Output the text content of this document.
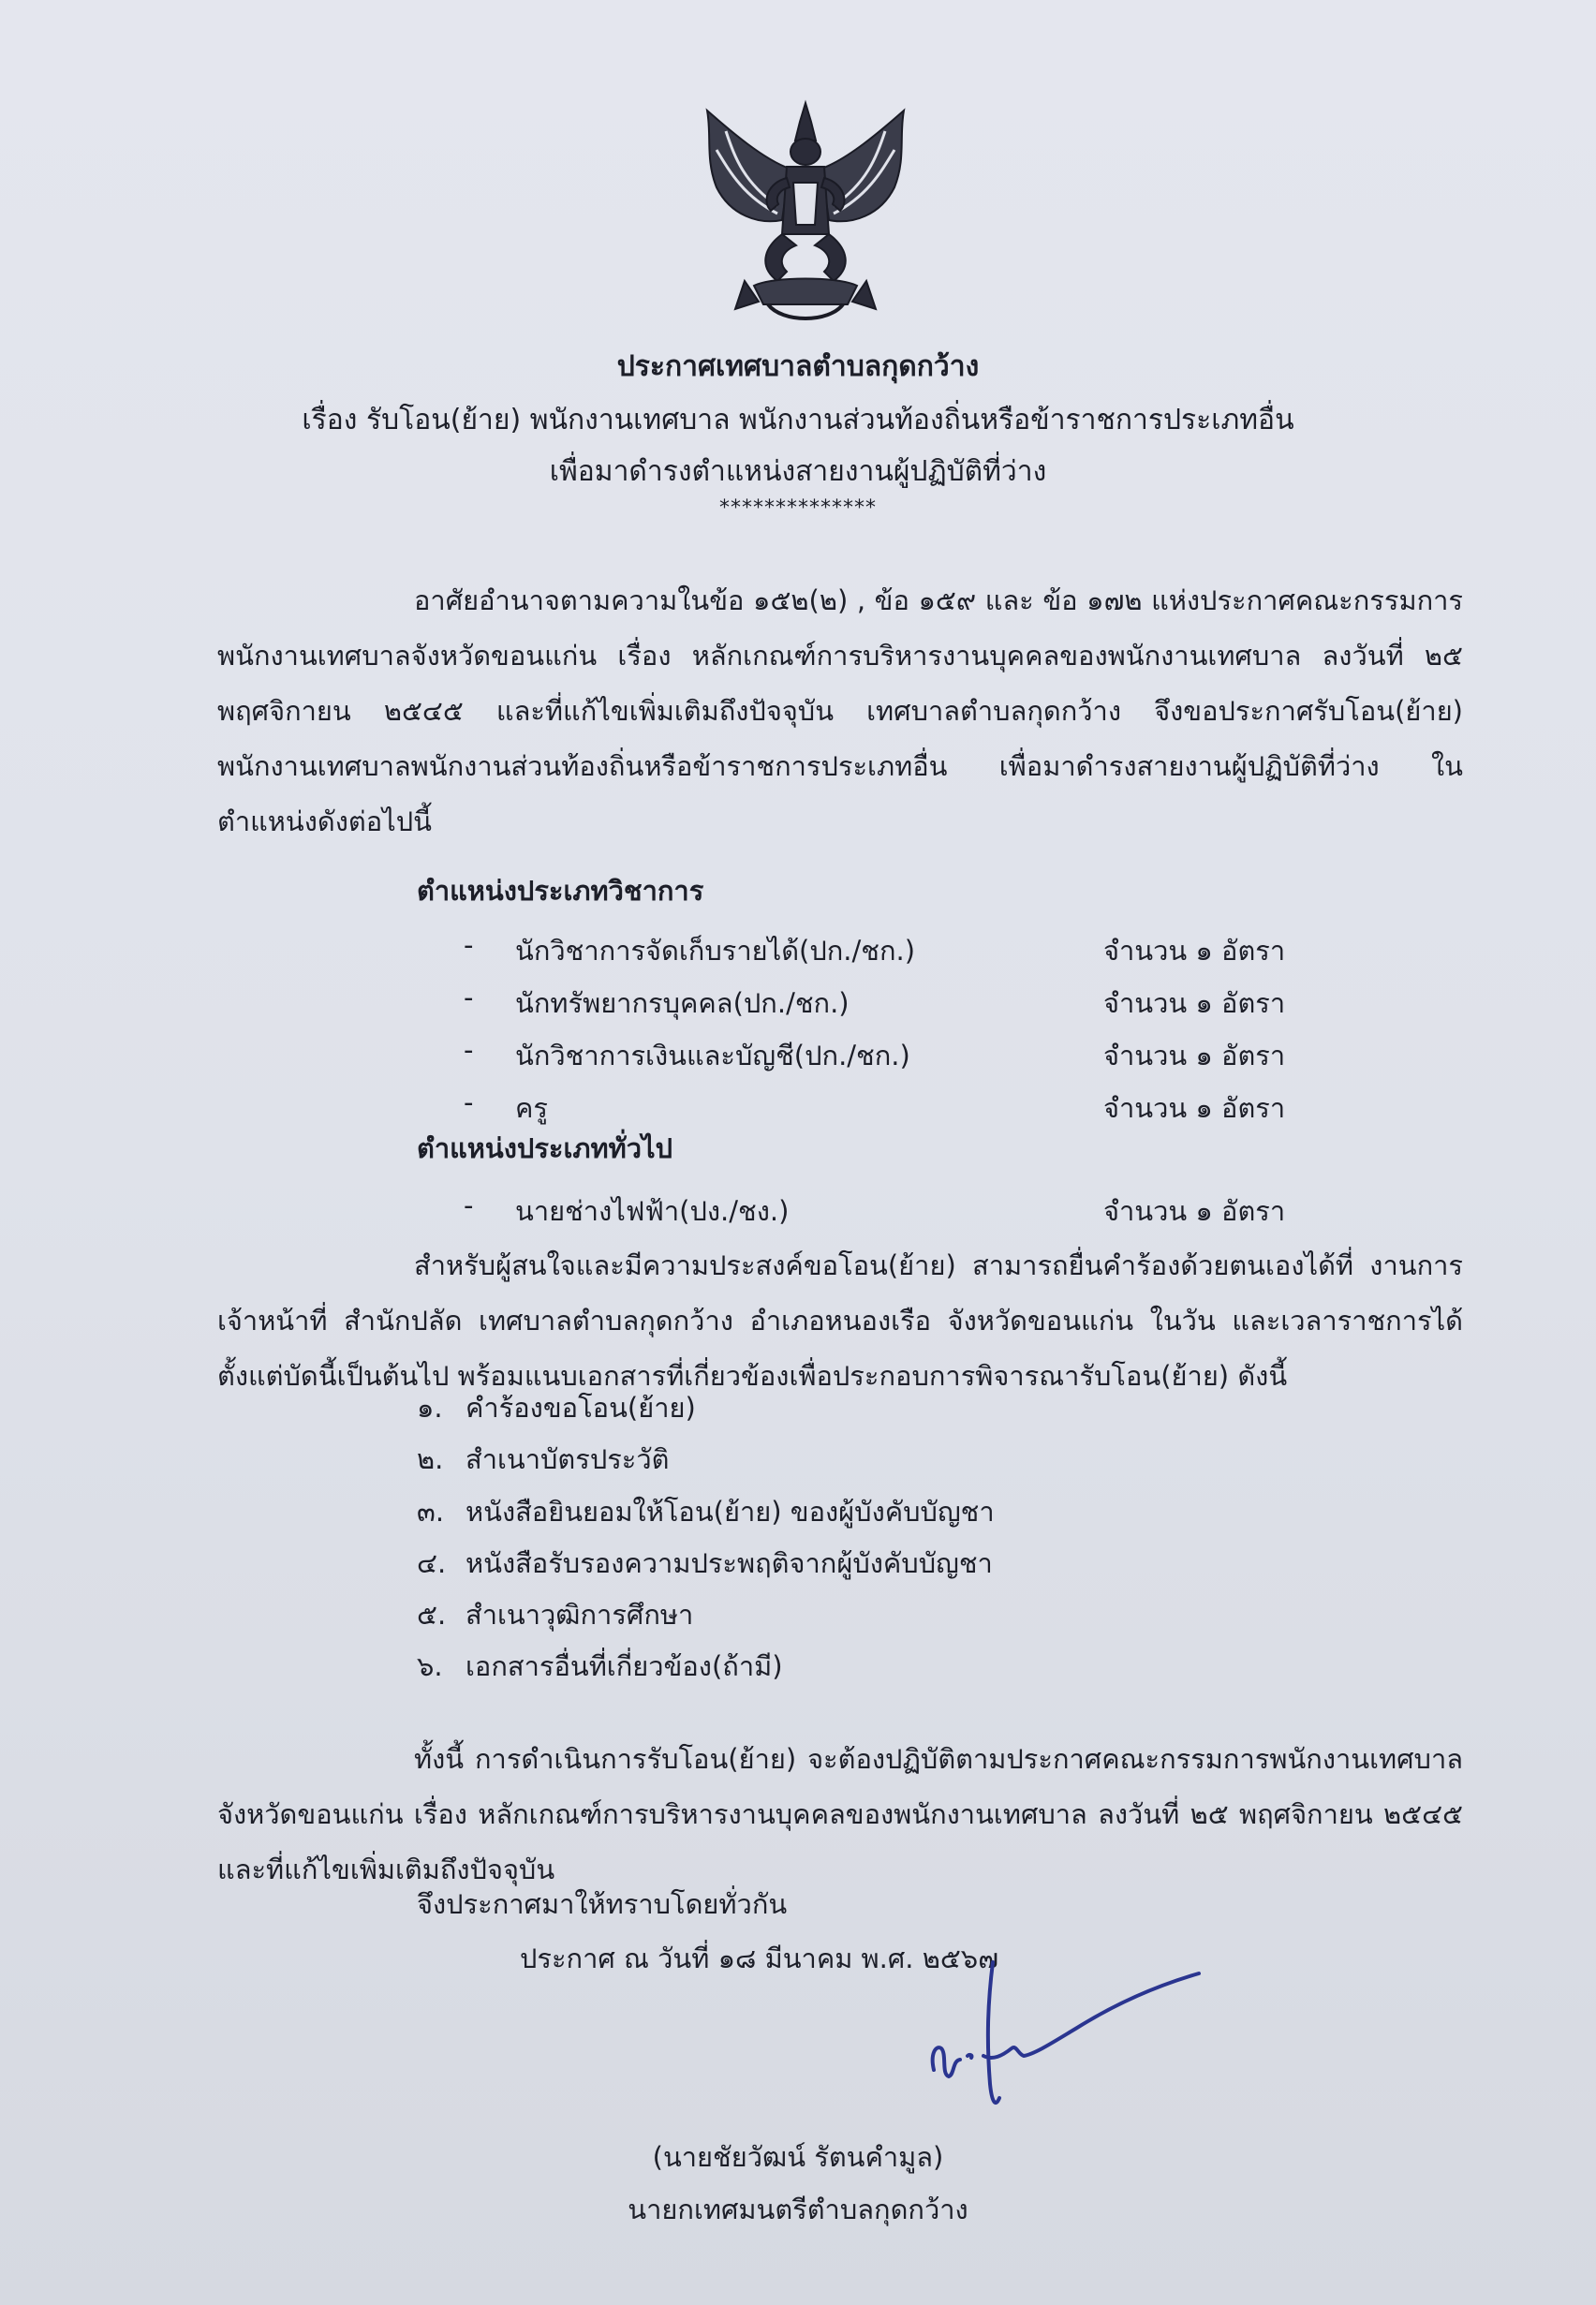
ประกาศเทศบาลตำบลกุดกว้าง
เรื่อง รับโอน(ย้าย) พนักงานเทศบาล พนักงานส่วนท้องถิ่นหรือข้าราชการประเภทอื่น
เพื่อมาดำรงตำแหน่งสายงานผู้ปฏิบัติที่ว่าง
**************
อาศัยอำนาจตามความในข้อ ๑๕๒(๒) , ข้อ ๑๕๙ และ ข้อ ๑๗๒ แห่งประกาศคณะกรรมการพนักงานเทศบาลจังหวัดขอนแก่น เรื่อง หลักเกณฑ์การบริหารงานบุคคลของพนักงานเทศบาล ลงวันที่ ๒๕ พฤศจิกายน ๒๕๔๕ และที่แก้ไขเพิ่มเติมถึงปัจจุบัน เทศบาลตำบลกุดกว้าง จึงขอประกาศรับโอน(ย้าย) พนักงานเทศบาลพนักงานส่วนท้องถิ่นหรือข้าราชการประเภทอื่น เพื่อมาดำรงสายงานผู้ปฏิบัติที่ว่าง ในตำแหน่งดังต่อไปนี้
ตำแหน่งประเภทวิชาการ
- นักวิชาการจัดเก็บรายได้(ปก./ชก.)	จำนวน ๑ อัตรา
- นักทรัพยากรบุคคล(ปก./ชก.)	จำนวน ๑ อัตรา
- นักวิชาการเงินและบัญชี(ปก./ชก.)	จำนวน ๑ อัตรา
- ครู	จำนวน ๑ อัตรา
ตำแหน่งประเภททั่วไป
- นายช่างไฟฟ้า(ปง./ชง.)	จำนวน ๑ อัตรา
สำหรับผู้สนใจและมีความประสงค์ขอโอน(ย้าย) สามารถยื่นคำร้องด้วยตนเองได้ที่ งานการเจ้าหน้าที่ สำนักปลัด เทศบาลตำบลกุดกว้าง อำเภอหนองเรือ จังหวัดขอนแก่น ในวัน และเวลาราชการได้ตั้งแต่บัดนี้เป็นต้นไป พร้อมแนบเอกสารที่เกี่ยวข้องเพื่อประกอบการพิจารณารับโอน(ย้าย) ดังนี้
๑. คำร้องขอโอน(ย้าย)
๒. สำเนาบัตรประวัติ
๓. หนังสือยินยอมให้โอน(ย้าย) ของผู้บังคับบัญชา
๔. หนังสือรับรองความประพฤติจากผู้บังคับบัญชา
๕. สำเนาวุฒิการศึกษา
๖. เอกสารอื่นที่เกี่ยวข้อง(ถ้ามี)
ทั้งนี้ การดำเนินการรับโอน(ย้าย) จะต้องปฏิบัติตามประกาศคณะกรรมการพนักงานเทศบาลจังหวัดขอนแก่น เรื่อง หลักเกณฑ์การบริหารงานบุคคลของพนักงานเทศบาล ลงวันที่ ๒๕ พฤศจิกายน ๒๕๔๕ และที่แก้ไขเพิ่มเติมถึงปัจจุบัน
จึงประกาศมาให้ทราบโดยทั่วกัน
ประกาศ ณ วันที่ ๑๘ มีนาคม พ.ศ. ๒๕๖๗
(นายชัยวัฒน์ รัตนคำมูล)
นายกเทศมนตรีตำบลกุดกว้าง
